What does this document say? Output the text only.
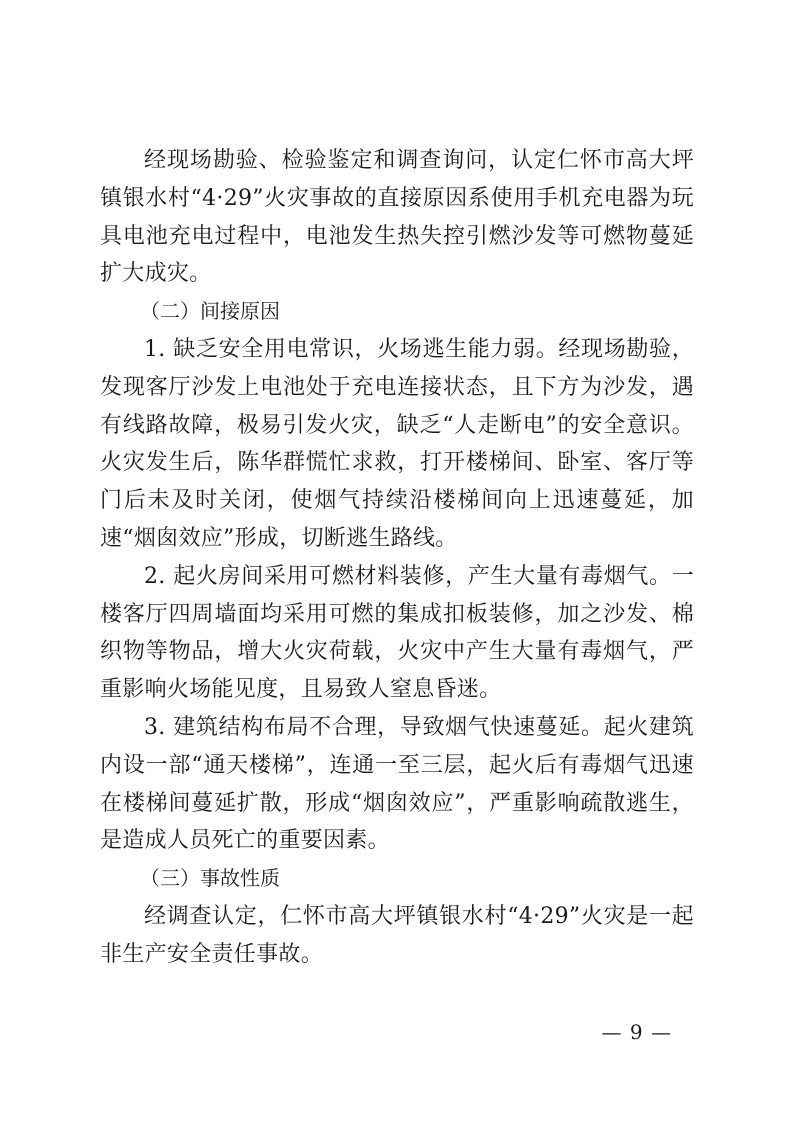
经现场勘验、检验鉴定和调查询问，认定仁怀市高大坪镇银水村“4·29”火灾事故的直接原因系使用手机充电器为玩具电池充电过程中，电池发生热失控引燃沙发等可燃物蔓延扩大成灾。

（二）间接原因

1. 缺乏安全用电常识，火场逃生能力弱。经现场勘验，发现客厅沙发上电池处于充电连接状态，且下方为沙发，遇有线路故障，极易引发火灾，缺乏“人走断电”的安全意识。火灾发生后，陈华群慌忙求救，打开楼梯间、卧室、客厅等门后未及时关闭，使烟气持续沿楼梯间向上迅速蔓延，加速“烟囱效应”形成，切断逃生路线。

2. 起火房间采用可燃材料装修，产生大量有毒烟气。一楼客厅四周墙面均采用可燃的集成扣板装修，加之沙发、棉织物等物品，增大火灾荷载，火灾中产生大量有毒烟气，严重影响火场能见度，且易致人窒息昏迷。

3. 建筑结构布局不合理，导致烟气快速蔓延。起火建筑内设一部“通天楼梯”，连通一至三层，起火后有毒烟气迅速在楼梯间蔓延扩散，形成“烟囱效应”，严重影响疏散逃生，是造成人员死亡的重要因素。

（三）事故性质

经调查认定，仁怀市高大坪镇银水村“4·29”火灾是一起非生产安全责任事故。

— 9 —
